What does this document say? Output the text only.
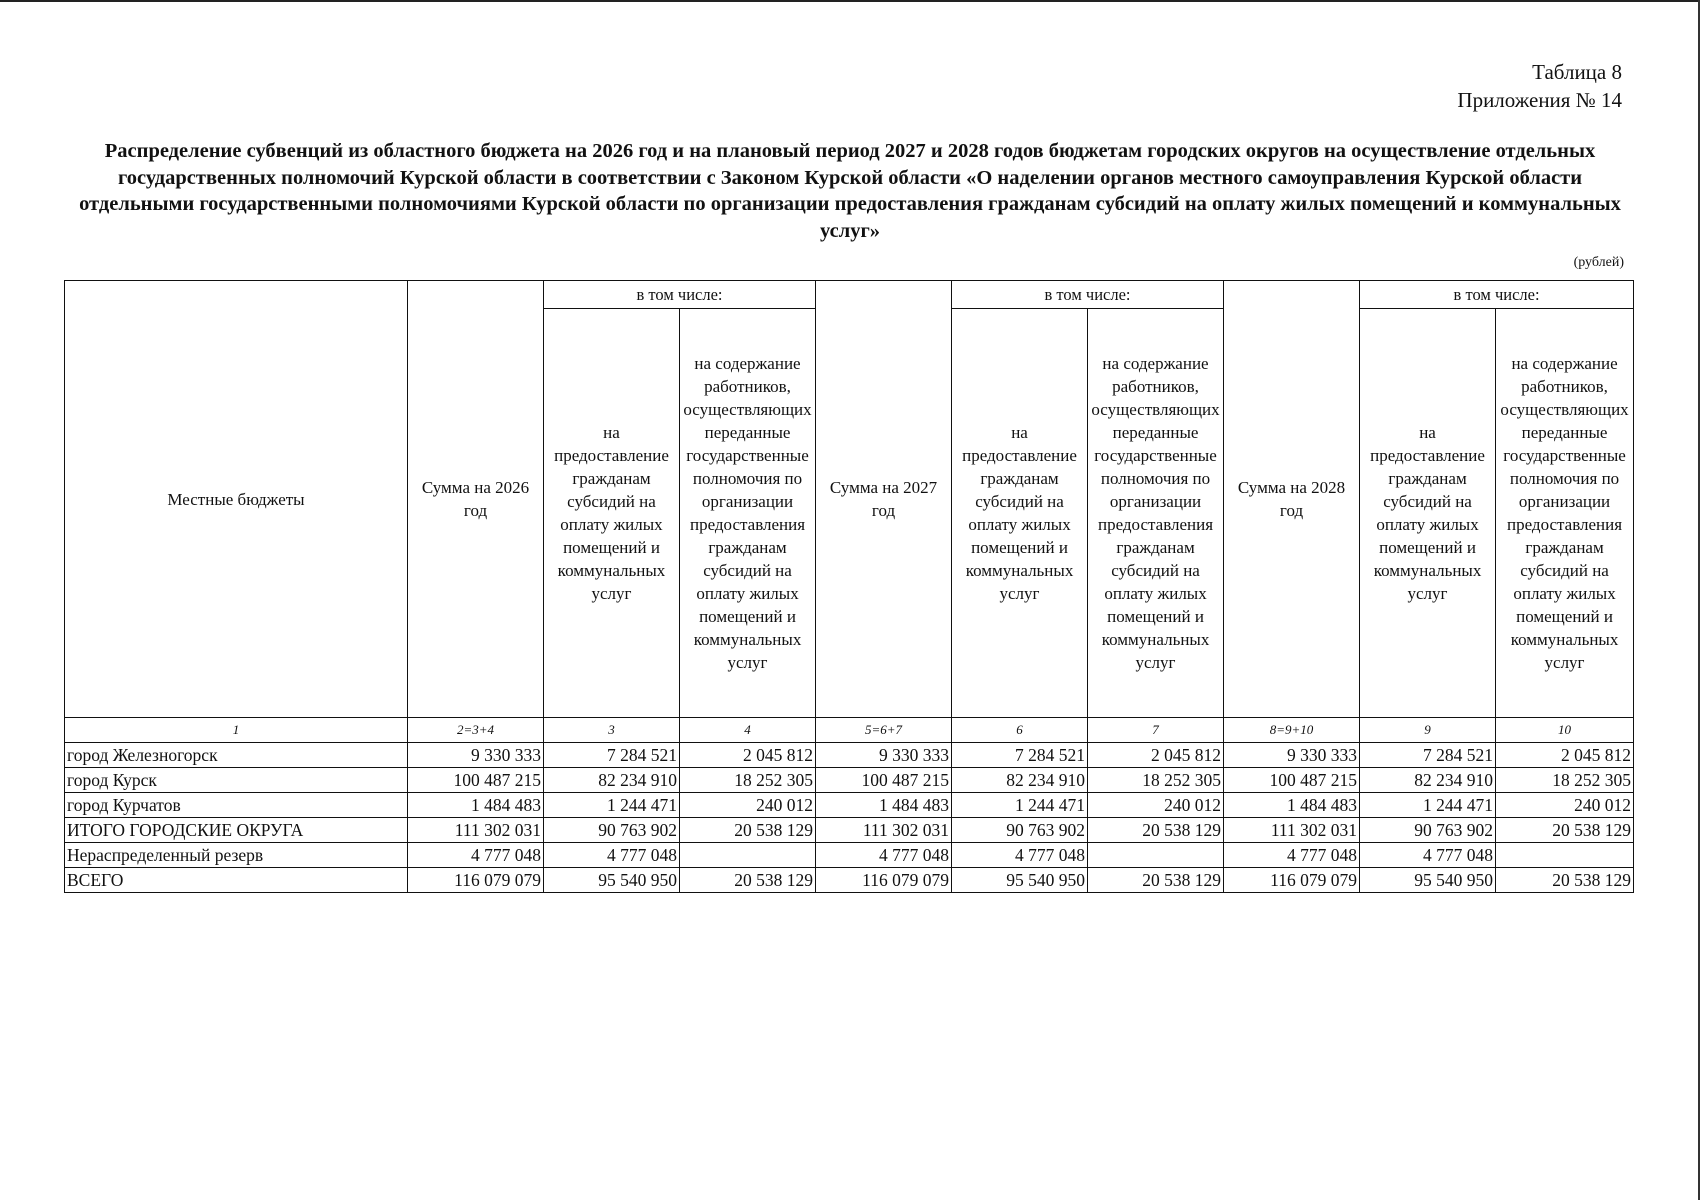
Таблица 8
Приложения № 14
Распределение субвенций из областного бюджета на 2026 год и на плановый период 2027 и 2028 годов бюджетам городских округов на осуществление отдельных государственных полномочий Курской области в соответствии с Законом Курской области «О наделении органов местного самоуправления Курской области отдельными государственными полномочиями Курской области по организации предоставления гражданам субсидий на оплату жилых помещений и коммунальных услуг»
(рублей)
Местные бюджеты	Сумма на 2026 год	в том числе:		Сумма на 2027 год	в том числе:		Сумма на 2028 год	в том числе:	
		на предоставление гражданам субсидий на оплату жилых помещений и коммунальных услуг	на содержание работников, осуществляющих переданные государственные полномочия по организации предоставления гражданам субсидий на оплату жилых помещений и коммунальных услуг		на предоставление гражданам субсидий на оплату жилых помещений и коммунальных услуг	на содержание работников, осуществляющих переданные государственные полномочия по организации предоставления гражданам субсидий на оплату жилых помещений и коммунальных услуг		на предоставление гражданам субсидий на оплату жилых помещений и коммунальных услуг	на содержание работников, осуществляющих переданные государственные полномочия по организации предоставления гражданам субсидий на оплату жилых помещений и коммунальных услуг
1	2=3+4	3	4	5=6+7	6	7	8=9+10	9	10
город Железногорск	9 330 333	7 284 521	2 045 812	9 330 333	7 284 521	2 045 812	9 330 333	7 284 521	2 045 812
город Курск	100 487 215	82 234 910	18 252 305	100 487 215	82 234 910	18 252 305	100 487 215	82 234 910	18 252 305
город Курчатов	1 484 483	1 244 471	240 012	1 484 483	1 244 471	240 012	1 484 483	1 244 471	240 012
ИТОГО ГОРОДСКИЕ ОКРУГА	111 302 031	90 763 902	20 538 129	111 302 031	90 763 902	20 538 129	111 302 031	90 763 902	20 538 129
Нераспределенный резерв	4 777 048	4 777 048		4 777 048	4 777 048		4 777 048	4 777 048	
ВСЕГО	116 079 079	95 540 950	20 538 129	116 079 079	95 540 950	20 538 129	116 079 079	95 540 950	20 538 129
